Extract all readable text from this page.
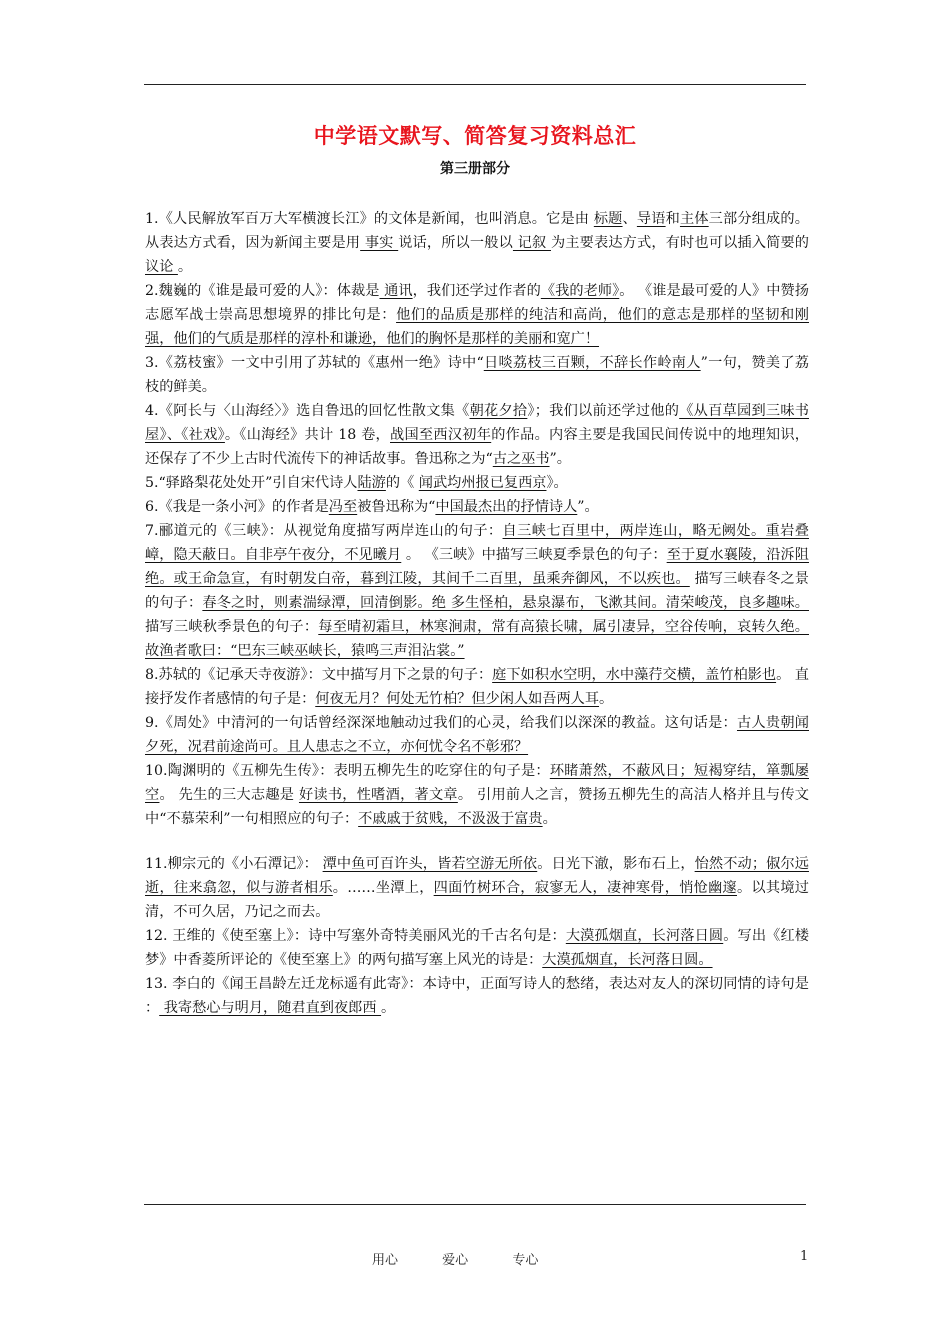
中学语文默写、简答复习资料总汇
第三册部分

1.《人民解放军百万大军横渡长江》的文体是新闻，也叫消息。它是由 标题、导语和主体三部分组成的。从表达方式看，因为新闻主要是用 事实 说话，所以一般以 记叙 为主要表达方式，有时也可以插入简要的 议论 。

2.魏巍的《谁是最可爱的人》：体裁是 通讯，我们还学过作者的《我的老师》。 《谁是最可爱的人》中赞扬志愿军战士崇高思想境界的排比句是：他们的品质是那样的纯洁和高尚，他们的意志是那样的坚韧和刚强，他们的气质是那样的淳朴和谦逊，他们的胸怀是那样的美丽和宽广！

3.《荔枝蜜》一文中引用了苏轼的《惠州一绝》诗中“日啖荔枝三百颗，不辞长作岭南人”一句，赞美了荔枝的鲜美。

4.《阿长与〈山海经〉》选自鲁迅的回忆性散文集《朝花夕拾》；我们以前还学过他的《从百草园到三味书屋》、《社戏》。《山海经》共计 18 卷，战国至西汉初年的作品。内容主要是我国民间传说中的地理知识，还保存了不少上古时代流传下的神话故事。鲁迅称之为“古之巫书”。

5.“驿路梨花处处开”引自宋代诗人陆游的《 闻武均州报已复西京》。

6.《我是一条小河》的作者是冯至被鲁迅称为“中国最杰出的抒情诗人”。

7.郦道元的《三峡》：从视觉角度描写两岸连山的句子：自三峡七百里中，两岸连山，略无阙处。重岩叠嶂，隐天蔽日。自非亭午夜分，不见曦月 。 《三峡》中描写三峡夏季景色的句子：至于夏水襄陵，沿泝阻绝。或王命急宣，有时朝发白帝，暮到江陵，其间千二百里，虽乘奔御风，不以疾也。 描写三峡春冬之景的句子：春冬之时，则素湍绿潭，回清倒影。绝 多生怪柏，悬泉瀑布，飞漱其间。清荣峻茂，良多趣味。 描写三峡秋季景色的句子：每至晴初霜旦，林寒涧肃，常有高猿长啸，属引凄异，空谷传响，哀转久绝。故渔者歌曰：“巴东三峡巫峡长，猿鸣三声泪沾裳。”

8.苏轼的《记承天寺夜游》：文中描写月下之景的句子：庭下如积水空明，水中藻荇交横，盖竹柏影也。 直接抒发作者感情的句子是：何夜无月？何处无竹柏？但少闲人如吾两人耳。

9.《周处》中清河的一句话曾经深深地触动过我们的心灵，给我们以深深的教益。这句话是：古人贵朝闻夕死，况君前途尚可。且人患志之不立，亦何忧令名不彰邪？

10.陶渊明的《五柳先生传》：表明五柳先生的吃穿住的句子是：环睹萧然，不蔽风日；短褐穿结，箪瓢屡空。 先生的三大志趣是 好读书，性嗜酒，著文章。 引用前人之言，赞扬五柳先生的高洁人格并且与传文中“不慕荣利”一句相照应的句子：不戚戚于贫贱，不汲汲于富贵。

11.柳宗元的《小石潭记》： 潭中鱼可百许头，皆若空游无所依。日光下澈，影布石上，怡然不动；俶尔远逝，往来翕忽，似与游者相乐。……坐潭上，四面竹树环合，寂寥无人，凄神寒骨，悄怆幽邃。以其境过清，不可久居，乃记之而去。

12. 王维的《使至塞上》：诗中写塞外奇特美丽风光的千古名句是：大漠孤烟直，长河落日圆。写出《红楼梦》中香菱所评论的《使至塞上》的两句描写塞上风光的诗是：大漠孤烟直，长河落日圆。

13. 李白的《闻王昌龄左迁龙标遥有此寄》：本诗中，正面写诗人的愁绪，表达对友人的深切同情的诗句是 ： 我寄愁心与明月，随君直到夜郎西 。

用心	爱心	专心	1
